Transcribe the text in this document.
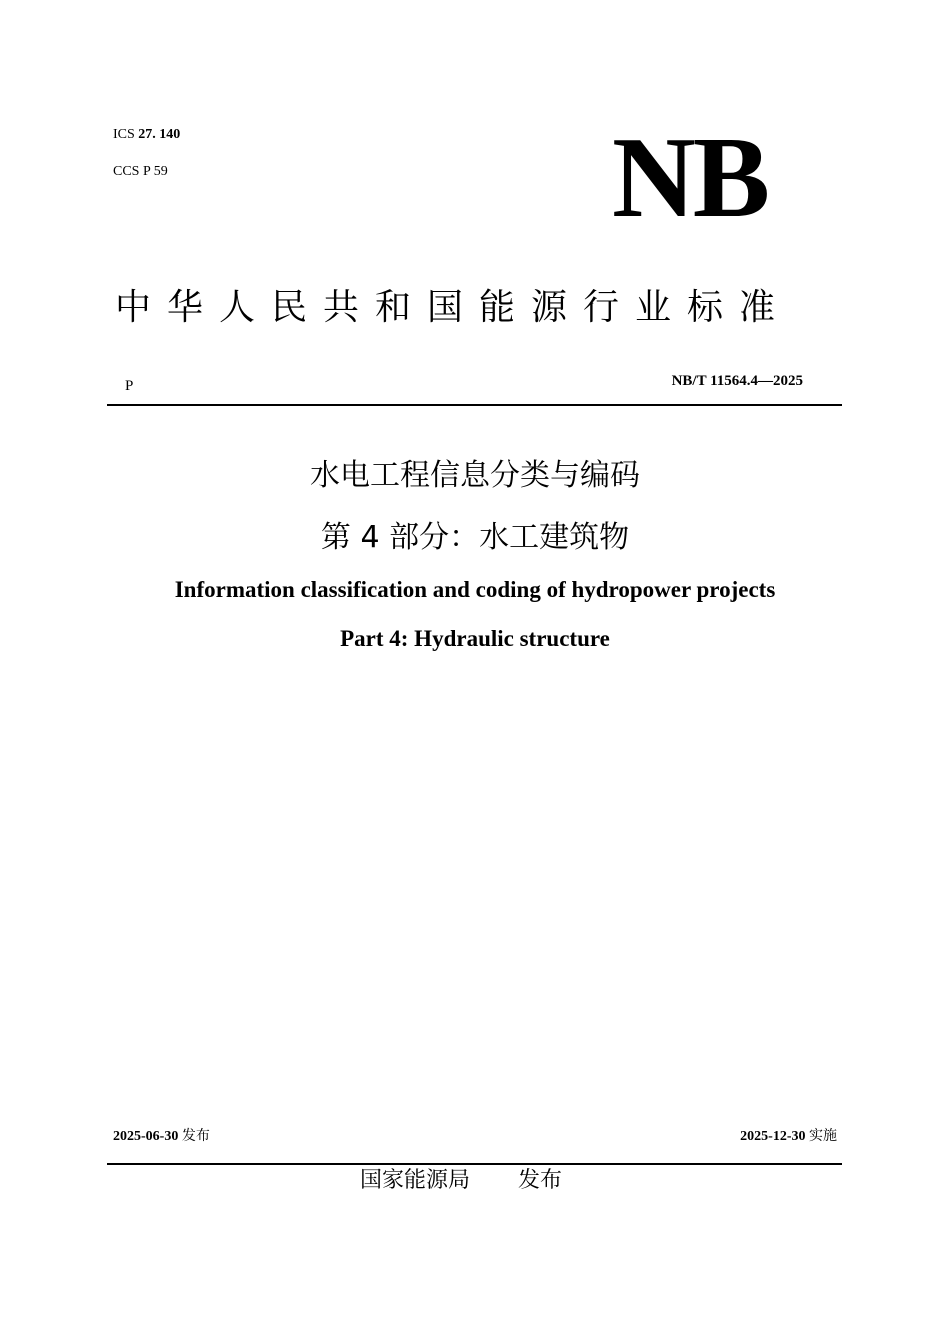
ICS 27. 140
CCS P 59	NB
中华人民共和国能源行业标准
P	NB/T 11564.4—2025
水电工程信息分类与编码
第 4 部分：水工建筑物
Information classification and coding of hydropower projects
Part 4: Hydraulic structure
2025-06-30 发布	2025-12-30 实施
国家能源局 发布
